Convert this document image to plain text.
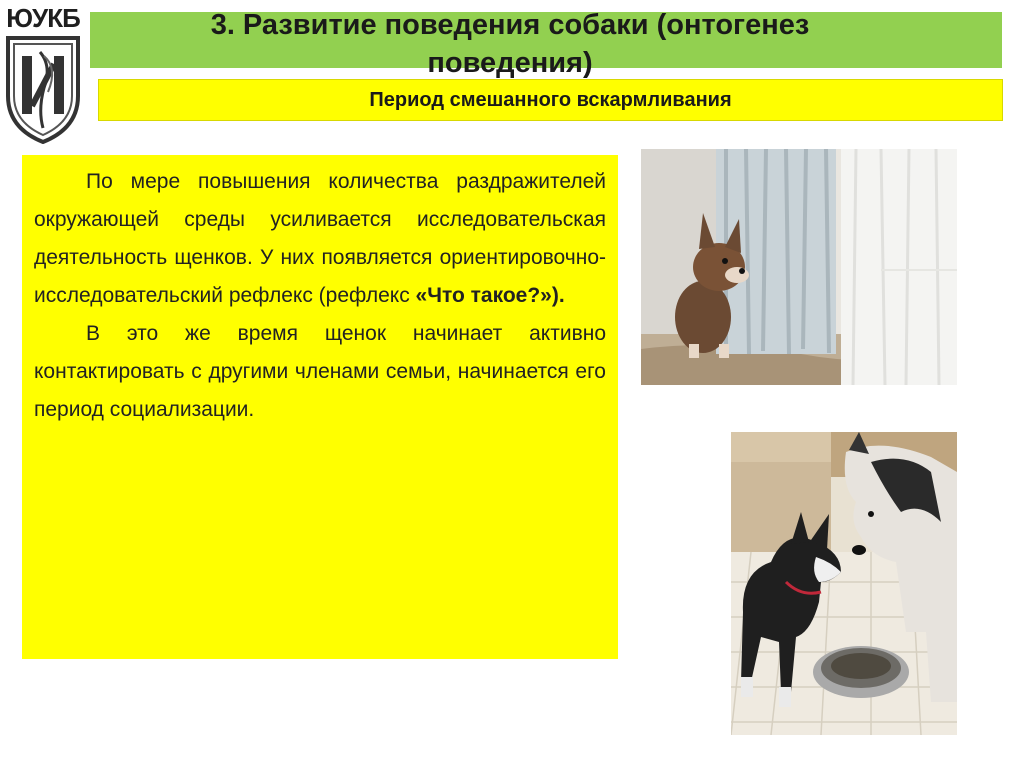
ЮУКБ	3. Развитие поведения собаки (онтогенез поведения)
Период смешанного вскармливания

По мере повышения количества раздражителей окружающей среды усиливается исследовательская деятельность щенков. У них появляется ориентировочно-исследовательский рефлекс (рефлекс «Что такое?»).

В это же время щенок начинает активно контактировать с другими членами семьи, начинается его период социализации.
